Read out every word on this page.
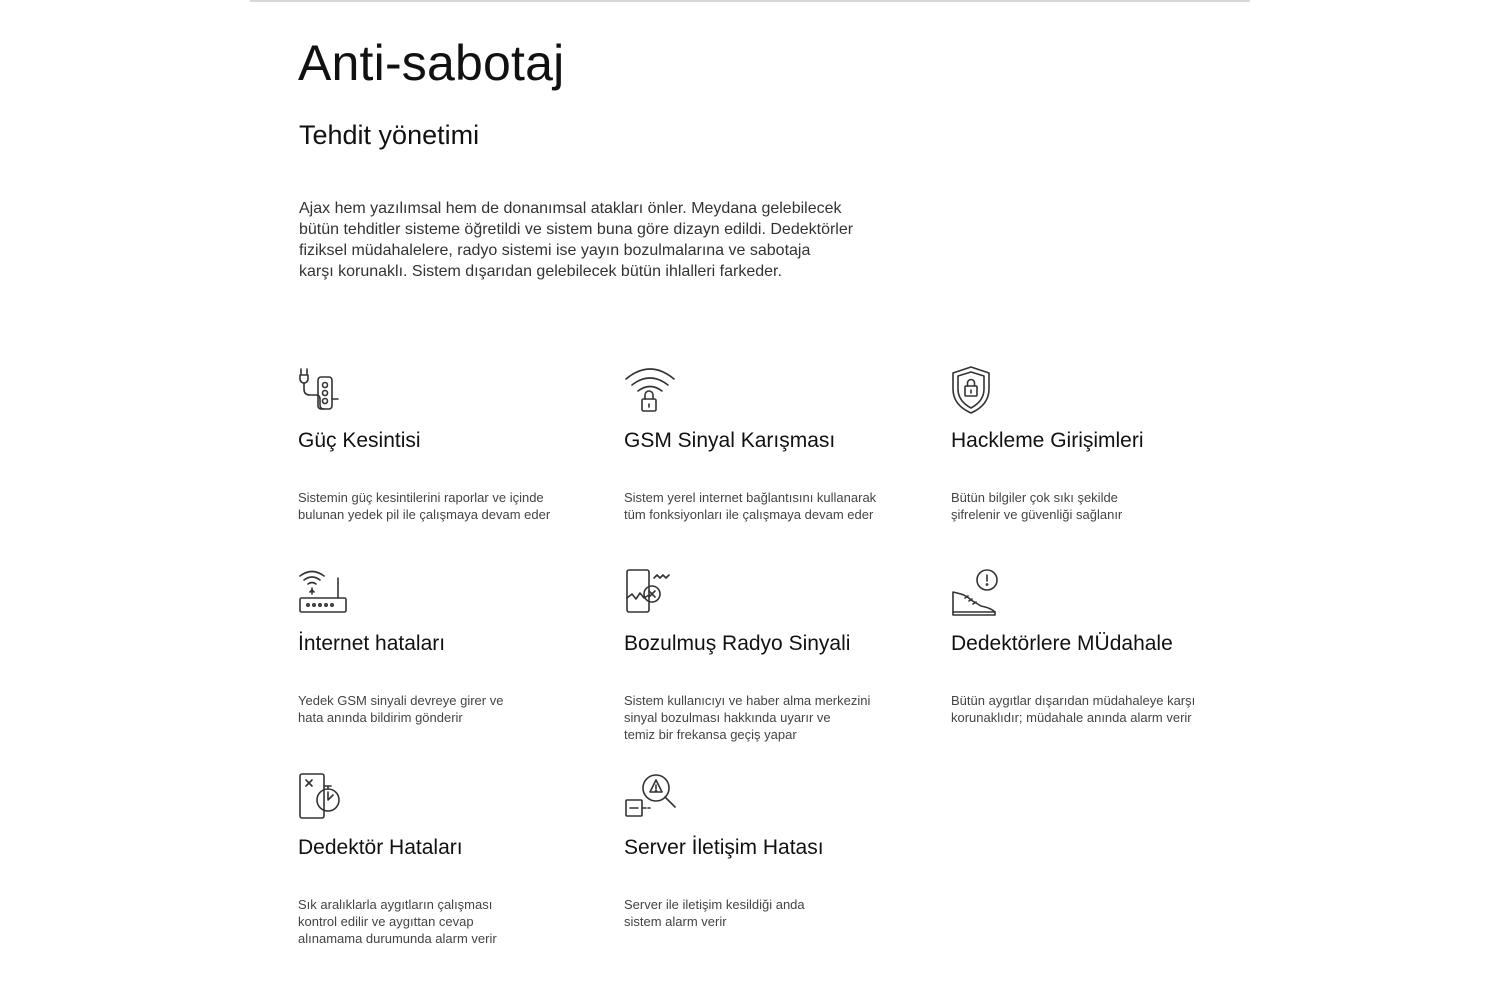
Anti-sabotaj
Tehdit yönetimi

Ajax hem yazılımsal hem de donanımsal atakları önler. Meydana gelebilecek
bütün tehditler sisteme öğretildi ve sistem buna göre dizayn edildi. Dedektörler
fiziksel müdahalelere, radyo sistemi ise yayın bozulmalarına ve sabotaja
karşı korunaklı. Sistem dışarıdan gelebilecek bütün ihlalleri farkeder.

Güç Kesintisi

Sistemin güç kesintilerini raporlar ve içinde
bulunan yedek pil ile çalışmaya devam eder

GSM Sinyal Karışması

Sistem yerel internet bağlantısını kullanarak
tüm fonksiyonları ile çalışmaya devam eder

Hackleme Girişimleri

Bütün bilgiler çok sıkı şekilde
şifrelenir ve güvenliği sağlanır

İnternet hataları

Yedek GSM sinyali devreye girer ve
hata anında bildirim gönderir

Bozulmuş Radyo Sinyali

Sistem kullanıcıyı ve haber alma merkezini
sinyal bozulması hakkında uyarır ve
temiz bir frekansa geçiş yapar

Dedektörlere MÜdahale

Bütün aygıtlar dışarıdan müdahaleye karşı
korunaklıdır; müdahale anında alarm verir

Dedektör Hataları

Sık aralıklarla aygıtların çalışması
kontrol edilir ve aygıttan cevap
alınamama durumunda alarm verir

Server İletişim Hatası

Server ile iletişim kesildiği anda
sistem alarm verir
